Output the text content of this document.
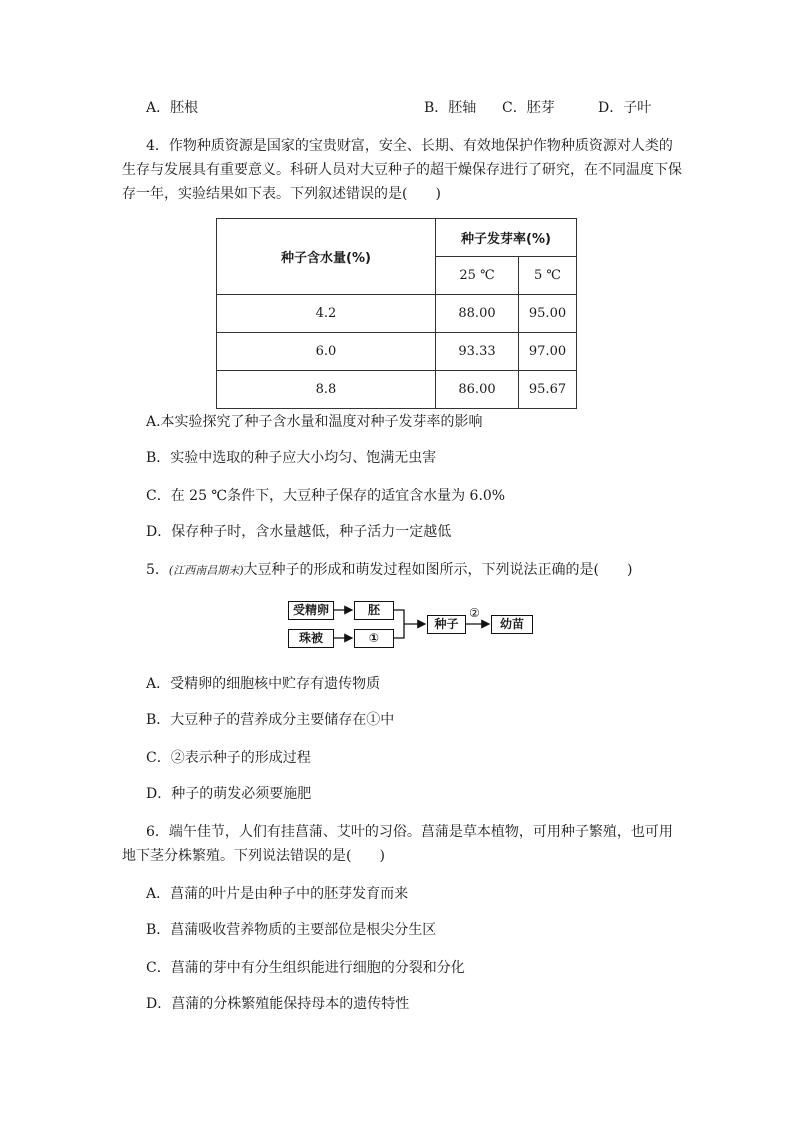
A．胚根	B．胚轴 C．胚芽	D．子叶
4．作物种质资源是国家的宝贵财富，安全、长期、有效地保护作物种质资源对人类的
生存与发展具有重要意义。科研人员对大豆种子的超干燥保存进行了研究，在不同温度下保
存一年，实验结果如下表。下列叙述错误的是(　　)
种子含水量(%)	种子发芽率(%)	
	25 ℃	5 ℃
4.2	88.00	95.00
6.0	93.33	97.00
8.8	86.00	95.67
A.本实验探究了种子含水量和温度对种子发芽率的影响
B．实验中选取的种子应大小均匀、饱满无虫害
C．在 25 ℃条件下，大豆种子保存的适宜含水量为 6.0%
D．保存种子时，含水量越低，种子活力一定越低
5．(江西南昌期末)大豆种子的形成和萌发过程如图所示，下列说法正确的是(　　)
受精卵	胚
珠被	①
种子
②
幼苗
A．受精卵的细胞核中贮存有遗传物质
B．大豆种子的营养成分主要储存在①中
C．②表示种子的形成过程
D．种子的萌发必须要施肥
6．端午佳节，人们有挂菖蒲、艾叶的习俗。菖蒲是草本植物，可用种子繁殖，也可用
地下茎分株繁殖。下列说法错误的是(　　)
A．菖蒲的叶片是由种子中的胚芽发育而来
B．菖蒲吸收营养物质的主要部位是根尖分生区
C．菖蒲的芽中有分生组织能进行细胞的分裂和分化
D．菖蒲的分株繁殖能保持母本的遗传特性
